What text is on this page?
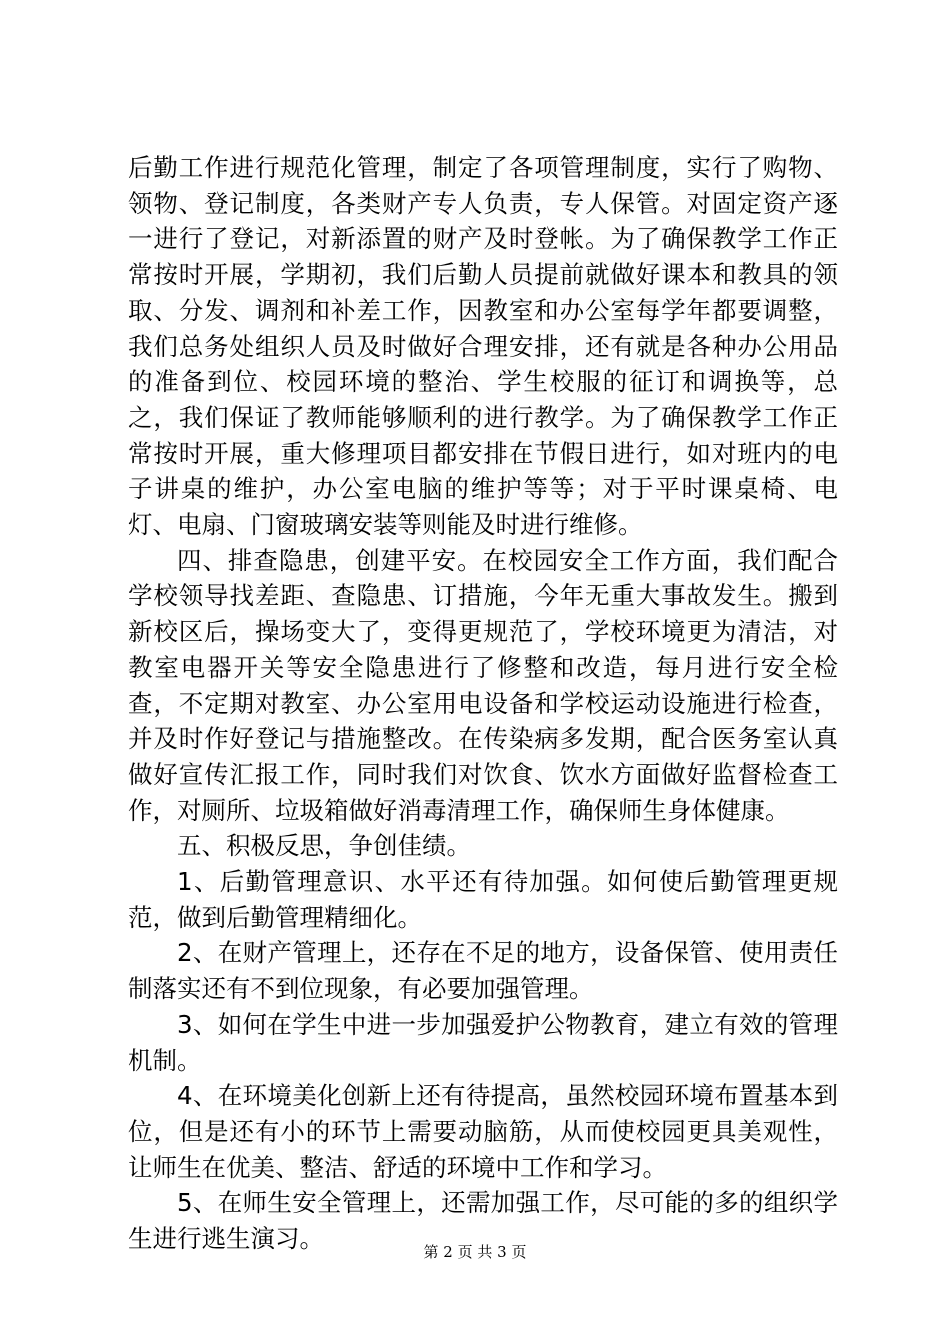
后勤工作进行规范化管理，制定了各项管理制度，实行了购物、领物、登记制度，各类财产专人负责，专人保管。对固定资产逐一进行了登记，对新添置的财产及时登帐。为了确保教学工作正常按时开展，学期初，我们后勤人员提前就做好课本和教具的领取、分发、调剂和补差工作，因教室和办公室每学年都要调整，我们总务处组织人员及时做好合理安排，还有就是各种办公用品的准备到位、校园环境的整治、学生校服的征订和调换等，总之，我们保证了教师能够顺利的进行教学。为了确保教学工作正常按时开展，重大修理项目都安排在节假日进行，如对班内的电子讲桌的维护，办公室电脑的维护等等；对于平时课桌椅、电灯、电扇、门窗玻璃安装等则能及时进行维修。

四、排查隐患，创建平安。在校园安全工作方面，我们配合学校领导找差距、查隐患、订措施，今年无重大事故发生。搬到新校区后，操场变大了，变得更规范了，学校环境更为清洁，对教室电器开关等安全隐患进行了修整和改造，每月进行安全检查，不定期对教室、办公室用电设备和学校运动设施进行检查，并及时作好登记与措施整改。在传染病多发期，配合医务室认真做好宣传汇报工作，同时我们对饮食、饮水方面做好监督检查工作，对厕所、垃圾箱做好消毒清理工作，确保师生身体健康。

五、积极反思，争创佳绩。

1、后勤管理意识、水平还有待加强。如何使后勤管理更规范，做到后勤管理精细化。

2、在财产管理上，还存在不足的地方，设备保管、使用责任制落实还有不到位现象，有必要加强管理。

3、如何在学生中进一步加强爱护公物教育，建立有效的管理机制。

4、在环境美化创新上还有待提高，虽然校园环境布置基本到位，但是还有小的环节上需要动脑筋，从而使校园更具美观性，让师生在优美、整洁、舒适的环境中工作和学习。

5、在师生安全管理上，还需加强工作，尽可能的多的组织学生进行逃生演习。	第 2 页 共 3 页
